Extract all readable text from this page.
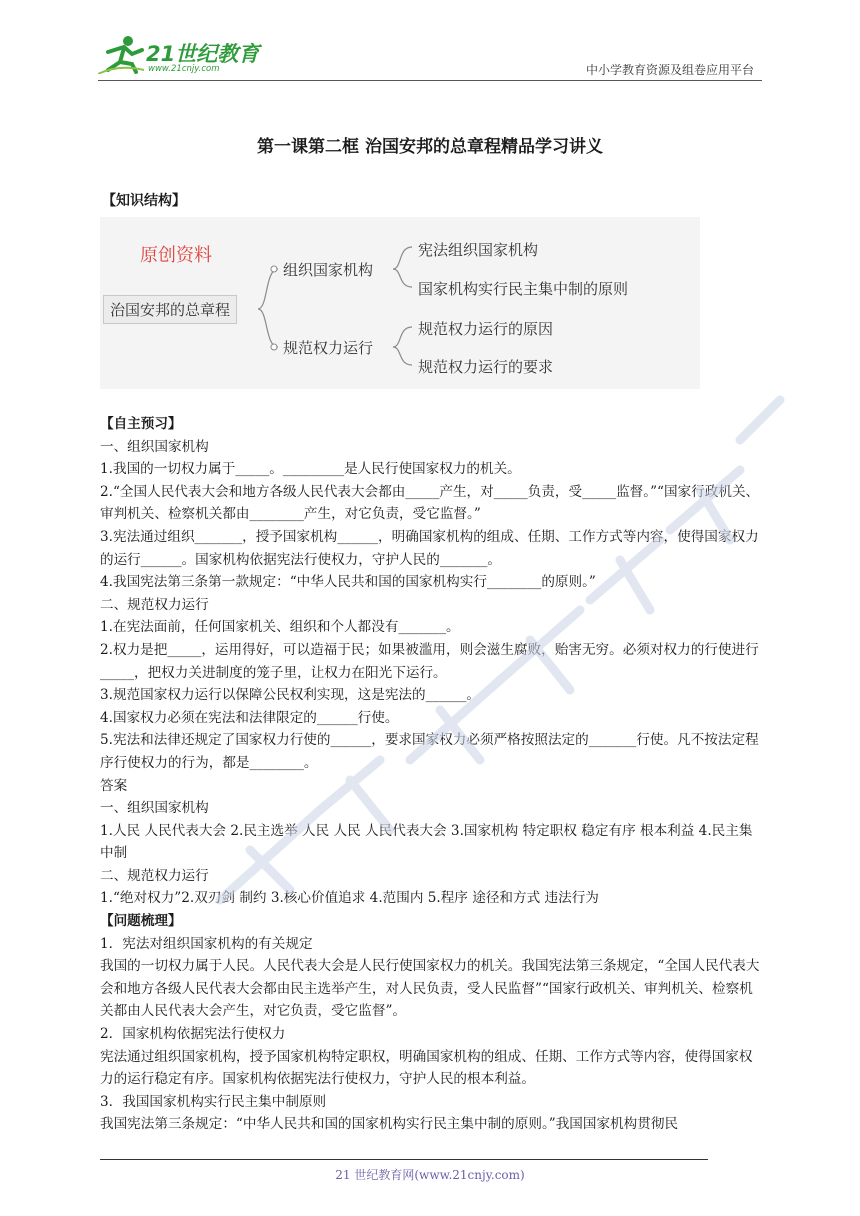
21世纪教育
www.21cnjy.com	中小学教育资源及组卷应用平台
第一课第二框 治国安邦的总章程精品学习讲义
【知识结构】
原创资料
治国安邦的总章程
组织国家机构
规范权力运行
宪法组织国家机构
国家机构实行民主集中制的原则
规范权力运行的原因
规范权力运行的要求

【自主预习】

一、组织国家机构

1.我国的一切权力属于_____。_________是人民行使国家权力的机关。

2.“全国人民代表大会和地方各级人民代表大会都由_____产生，对_____负责，受_____监督。”“国家行政机关、审判机关、检察机关都由________产生，对它负责，受它监督。”

3.宪法通过组织_______，授予国家机构______，明确国家机构的组成、任期、工作方式等内容，使得国家权力的运行______。国家机构依据宪法行使权力，守护人民的_______。

4.我国宪法第三条第一款规定：“中华人民共和国的国家机构实行________的原则。”

二、规范权力运行

1.在宪法面前，任何国家机关、组织和个人都没有_______。

2.权力是把_____，运用得好，可以造福于民；如果被滥用，则会滋生腐败，贻害无穷。必须对权力的行使进行_____，把权力关进制度的笼子里，让权力在阳光下运行。

3.规范国家权力运行以保障公民权利实现，这是宪法的______。

4.国家权力必须在宪法和法律限定的______行使。

5.宪法和法律还规定了国家权力行使的______，要求国家权力必须严格按照法定的_______行使。凡不按法定程序行使权力的行为，都是________。

答案

一、组织国家机构

1.人民 人民代表大会 2.民主选举 人民 人民 人民代表大会 3.国家机构 特定职权 稳定有序 根本利益 4.民主集中制

二、规范权力运行

1.“绝对权力”2.双刃剑 制约 3.核心价值追求 4.范围内 5.程序 途径和方式 违法行为

【问题梳理】

1．宪法对组织国家机构的有关规定

我国的一切权力属于人民。人民代表大会是人民行使国家权力的机关。我国宪法第三条规定，“全国人民代表大会和地方各级人民代表大会都由民主选举产生，对人民负责，受人民监督”“国家行政机关、审判机关、检察机关都由人民代表大会产生，对它负责，受它监督”。

2．国家机构依据宪法行使权力

宪法通过组织国家机构，授予国家机构特定职权，明确国家机构的组成、任期、工作方式等内容，使得国家权力的运行稳定有序。国家机构依据宪法行使权力，守护人民的根本利益。

3．我国国家机构实行民主集中制原则

我国宪法第三条规定：“中华人民共和国的国家机构实行民主集中制的原则。”我国国家机构贯彻民

21 世纪教育网(www.21cnjy.com)
